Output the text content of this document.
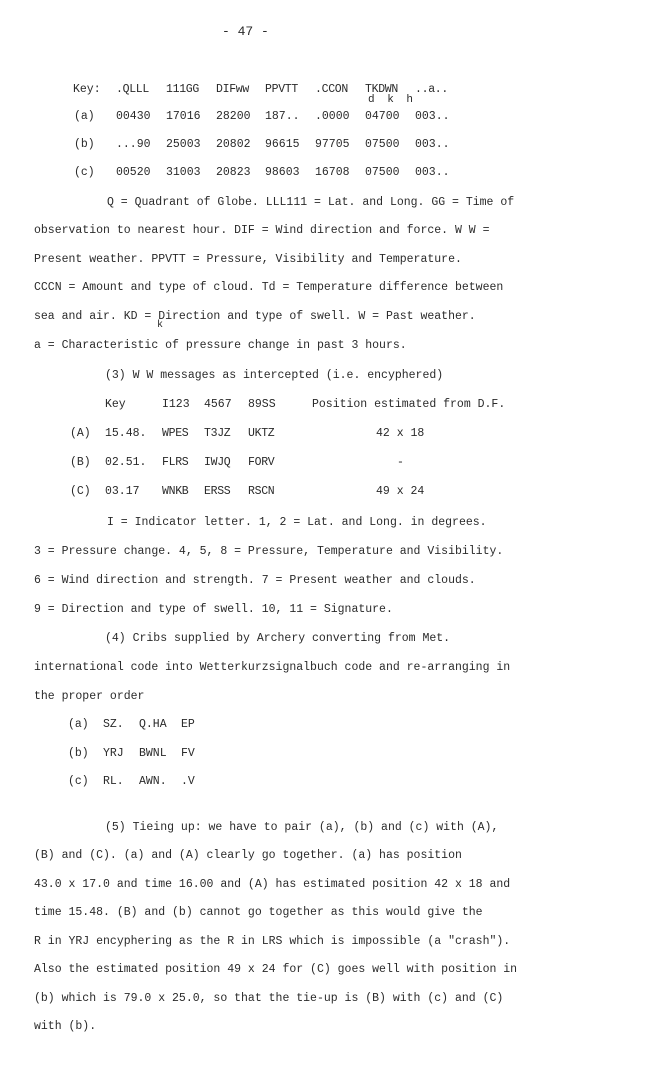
- 47 -
Key: .QLLL 111GG DIFww PPVTT .CCON TKDWN ..a..
d k h
(a) 00430 17016 28200 187.. .0000 04700 003..
(b) ...90 25003 20802 96615 97705 07500 003..
(c) 00520 31003 20823 98603 16708 07500 003..
Q = Quadrant of Globe. LLL111 = Lat. and Long. GG = Time of
observation to nearest hour. DIF = Wind direction and force. W W =
Present weather. PPVTT = Pressure, Visibility and Temperature.
CCCN = Amount and type of cloud. Td = Temperature difference between
sea and air. KD = Direction and type of swell. W = Past weather.
k
a = Characteristic of pressure change in past 3 hours.
(3) W W messages as intercepted (i.e. encyphered)
Key	I123 4567 89SS	Position estimated from D.F.
(A) 15.48. WPES T3JZ UKTZ	42 x 18
(B) 02.51. FLRS IWJQ FORV	-
(C) 03.17 WNKB ERSS RSCN	49 x 24
I = Indicator letter. 1, 2 = Lat. and Long. in degrees.
3 = Pressure change. 4, 5, 8 = Pressure, Temperature and Visibility.
6 = Wind direction and strength. 7 = Present weather and clouds.
9 = Direction and type of swell. 10, 11 = Signature.
(4) Cribs supplied by Archery converting from Met.
international code into Wetterkurzsignalbuch code and re-arranging in
the proper order
(a) SZ. Q.HA EP
(b) YRJ BWNL FV
(c) RL. AWN. .V
(5) Tieing up: we have to pair (a), (b) and (c) with (A),
(B) and (C). (a) and (A) clearly go together. (a) has position
43.0 x 17.0 and time 16.00 and (A) has estimated position 42 x 18 and
time 15.48. (B) and (b) cannot go together as this would give the
R in YRJ encyphering as the R in LRS which is impossible (a "crash").
Also the estimated position 49 x 24 for (C) goes well with position in
(b) which is 79.0 x 25.0, so that the tie-up is (B) with (c) and (C)
with (b).
